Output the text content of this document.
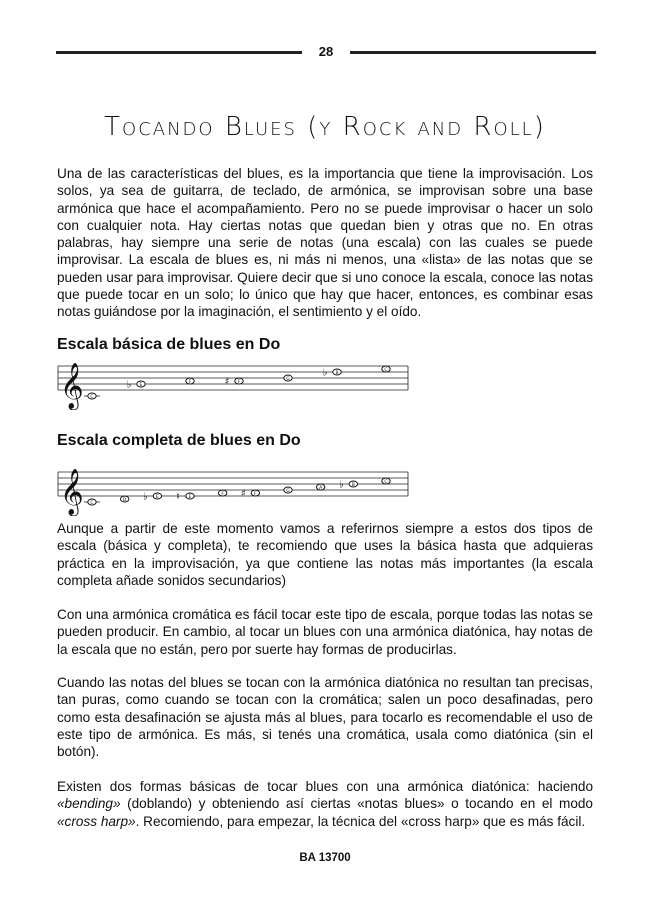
28
Tocando Blues (y Rock and Roll)

Una de las características del blues, es la importancia que tiene la improvisación. Los solos, ya sea de guitarra, de teclado, de armónica, se improvisan sobre una base armónica que hace el acompañamiento. Pero no se puede improvisar o hacer un solo con cualquier nota. Hay ciertas notas que quedan bien y otras que no. En otras palabras, hay siempre una serie de notas (una escala) con las cuales se puede improvisar. La escala de blues es, ni más ni menos, una «lista» de las notas que se pueden usar para improvisar. Quiere decir que si uno conoce la escala, conoce las notas que puede tocar en un solo; lo único que hay que hacer, entonces, es combinar esas notas guiándose por la imaginación, el sentimiento y el oído.

Escala básica de blues en Do
𝄞 C
♭ E
F	♯ F
G
♭ B
C
Escala completa de blues en Do
𝄞 C
D ♭ E ♮ E
F ♯ F
G
A ♭ B
C

Aunque a partir de este momento vamos a referirnos siempre a estos dos tipos de escala (básica y completa), te recomiendo que uses la básica hasta que adquieras práctica en la improvisación, ya que contiene las notas más importantes (la escala completa añade sonidos secundarios)

Con una armónica cromática es fácil tocar este tipo de escala, porque todas las notas se pueden producir. En cambio, al tocar un blues con una armónica diatónica, hay notas de la escala que no están, pero por suerte hay formas de producirlas.

Cuando las notas del blues se tocan con la armónica diatónica no resultan tan precisas, tan puras, como cuando se tocan con la cromática; salen un poco desafinadas, pero como esta desafinación se ajusta más al blues, para tocarlo es recomendable el uso de este tipo de armónica. Es más, si tenés una cromática, usala como diatónica (sin el botón).

Existen dos formas básicas de tocar blues con una armónica diatónica: haciendo «bending» (doblando) y obteniendo así ciertas «notas blues» o tocando en el modo «cross harp». Recomiendo, para empezar, la técnica del «cross harp» que es más fácil.

BA 13700
